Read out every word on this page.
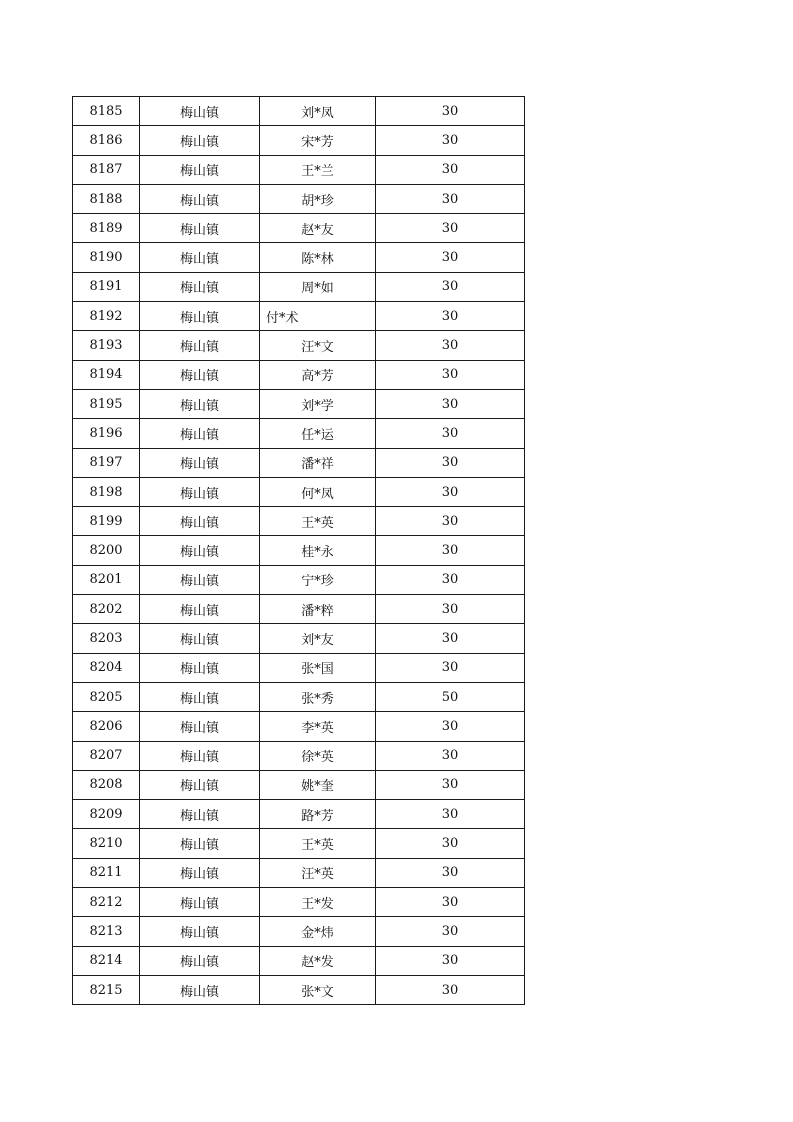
8185	梅山镇	刘*凤	30
8186	梅山镇	宋*芳	30
8187	梅山镇	王*兰	30
8188	梅山镇	胡*珍	30
8189	梅山镇	赵*友	30
8190	梅山镇	陈*林	30
8191	梅山镇	周*如	30
8192	梅山镇	付*术	30
8193	梅山镇	汪*文	30
8194	梅山镇	高*芳	30
8195	梅山镇	刘*学	30
8196	梅山镇	任*运	30
8197	梅山镇	潘*祥	30
8198	梅山镇	何*凤	30
8199	梅山镇	王*英	30
8200	梅山镇	桂*永	30
8201	梅山镇	宁*珍	30
8202	梅山镇	潘*粹	30
8203	梅山镇	刘*友	30
8204	梅山镇	张*国	30
8205	梅山镇	张*秀	50
8206	梅山镇	李*英	30
8207	梅山镇	徐*英	30
8208	梅山镇	姚*奎	30
8209	梅山镇	路*芳	30
8210	梅山镇	王*英	30
8211	梅山镇	汪*英	30
8212	梅山镇	王*发	30
8213	梅山镇	金*炜	30
8214	梅山镇	赵*发	30
8215	梅山镇	张*文	30
